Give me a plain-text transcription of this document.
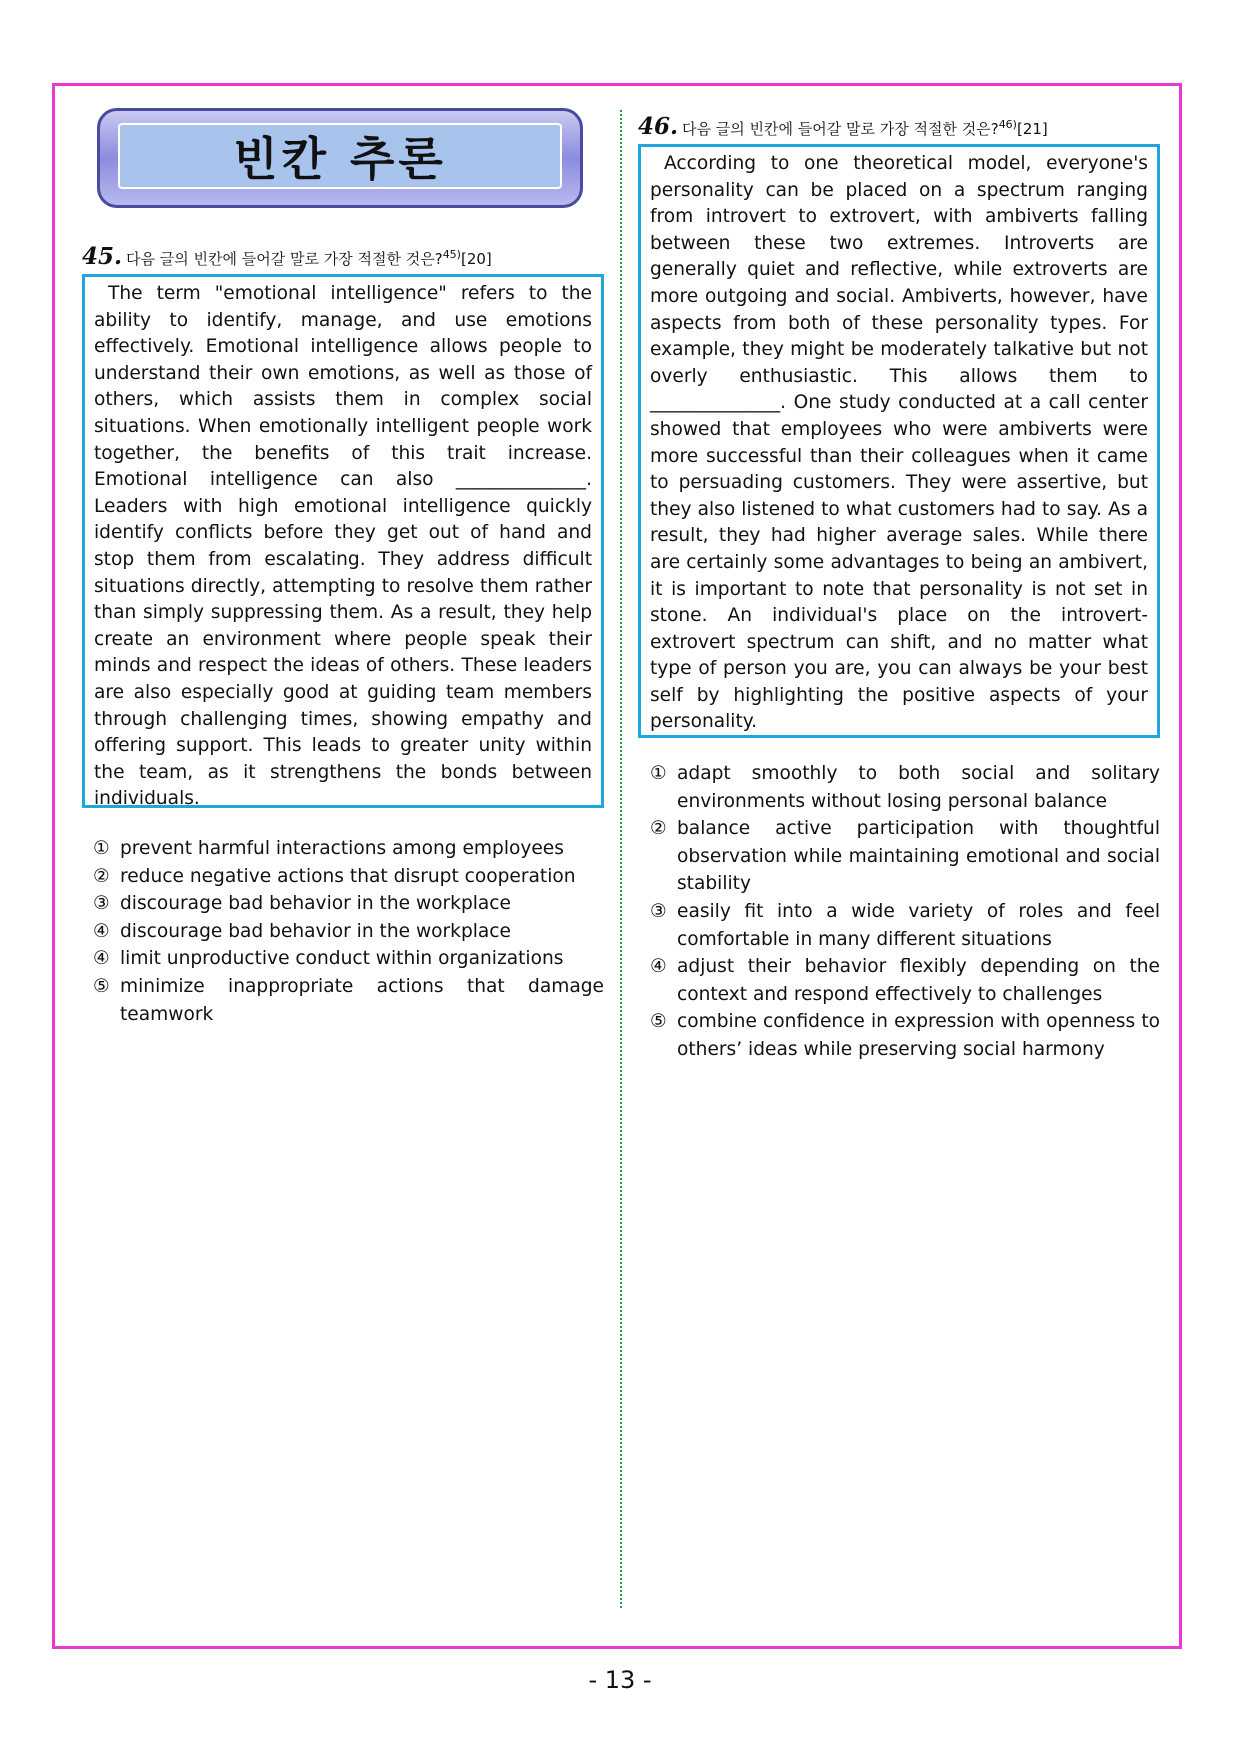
빈칸 추론
45 . 다음 글의 빈칸에 들어갈 말로 가장 적절한 것은?$^{45)}$[20]

The term "emotional intelligence" refers to the ability to identify, manage, and use emotions effectively. Emotional intelligence allows people to understand their own emotions, as well as those of others, which assists them in complex social situations. When emotionally intelligent people work together, the benefits of this trait increase. Emotional intelligence can also ______________. Leaders with high emotional intelligence quickly identify conflicts before they get out of hand and stop them from escalating. They address difficult situations directly, attempting to resolve them rather than simply suppressing them. As a result, they help create an environment where people speak their minds and respect the ideas of others. These leaders are also especially good at guiding team members through challenging times, showing empathy and offering support. This leads to greater unity within the team, as it strengthens the bonds between individuals.

① prevent harmful interactions among employees
② reduce negative actions that disrupt cooperation
③ discourage bad behavior in the workplace
④ discourage bad behavior in the workplace
④ limit unproductive conduct within organizations
⑤ minimize inappropriate actions that damage teamwork
46 . 다음 글의 빈칸에 들어갈 말로 가장 적절한 것은?$^{46)}$[21]

According to one theoretical model, everyone's personality can be placed on a spectrum ranging from introvert to extrovert, with ambiverts falling between these two extremes. Introverts are generally quiet and reflective, while extroverts are more outgoing and social. Ambiverts, however, have aspects from both of these personality types. For example, they might be moderately talkative but not overly enthusiastic. This allows them to ______________. One study conducted at a call center showed that employees who were ambiverts were more successful than their colleagues when it came to persuading customers. They were assertive, but they also listened to what customers had to say. As a result, they had higher average sales. While there are certainly some advantages to being an ambivert, it is important to note that personality is not set in stone. An individual's place on the introvert-extrovert spectrum can shift, and no matter what type of person you are, you can always be your best self by highlighting the positive aspects of your personality.

① adapt smoothly to both social and solitary environments without losing personal balance
② balance active participation with thoughtful observation while maintaining emotional and social stability
③ easily fit into a wide variety of roles and feel comfortable in many different situations
④ adjust their behavior flexibly depending on the context and respond effectively to challenges
⑤ combine confidence in expression with openness to others’ ideas while preserving social harmony
- 13 -
